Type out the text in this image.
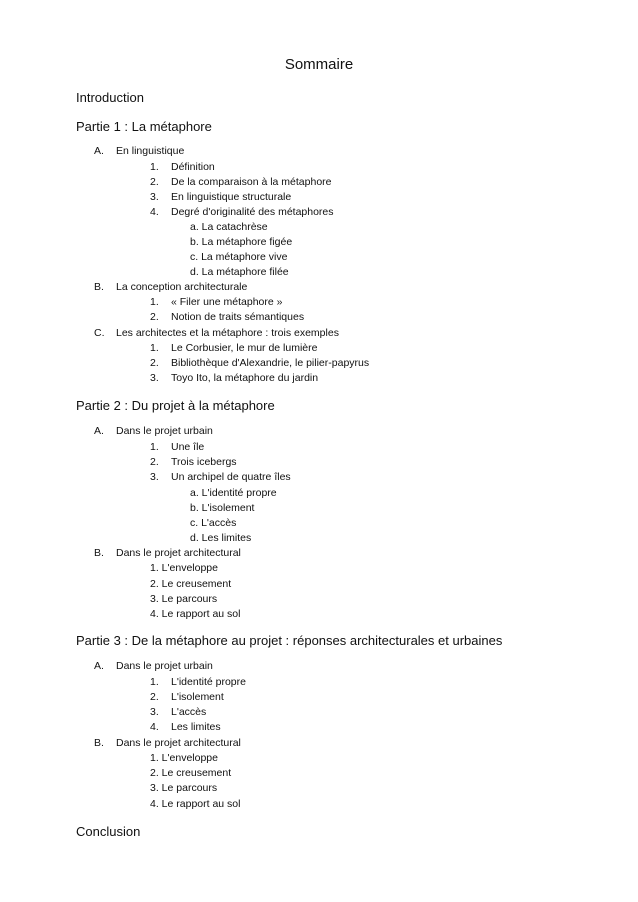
Sommaire
Introduction
Partie 1 : La métaphore
A. En linguistique
1. Définition
2. De la comparaison à la métaphore
3. En linguistique structurale
4. Degré d'originalité des métaphores
a. La catachrèse
b. La métaphore figée
c. La métaphore vive
d. La métaphore filée
B. La conception architecturale
1. « Filer une métaphore »
2. Notion de traits sémantiques
C. Les architectes et la métaphore : trois exemples
1. Le Corbusier, le mur de lumière
2. Bibliothèque d'Alexandrie, le pilier-papyrus
3. Toyo Ito, la métaphore du jardin
Partie 2 : Du projet à la métaphore
A. Dans le projet urbain
1. Une île
2. Trois icebergs
3. Un archipel de quatre îles
a. L'identité propre
b. L'isolement
c. L'accès
d. Les limites
B. Dans le projet architectural
1. L'enveloppe
2. Le creusement
3. Le parcours
4. Le rapport au sol
Partie 3 : De la métaphore au projet : réponses architecturales et urbaines
A. Dans le projet urbain
1. L'identité propre
2. L'isolement
3. L'accès
4. Les limites
B. Dans le projet architectural
1. L'enveloppe
2. Le creusement
3. Le parcours
4. Le rapport au sol
Conclusion
